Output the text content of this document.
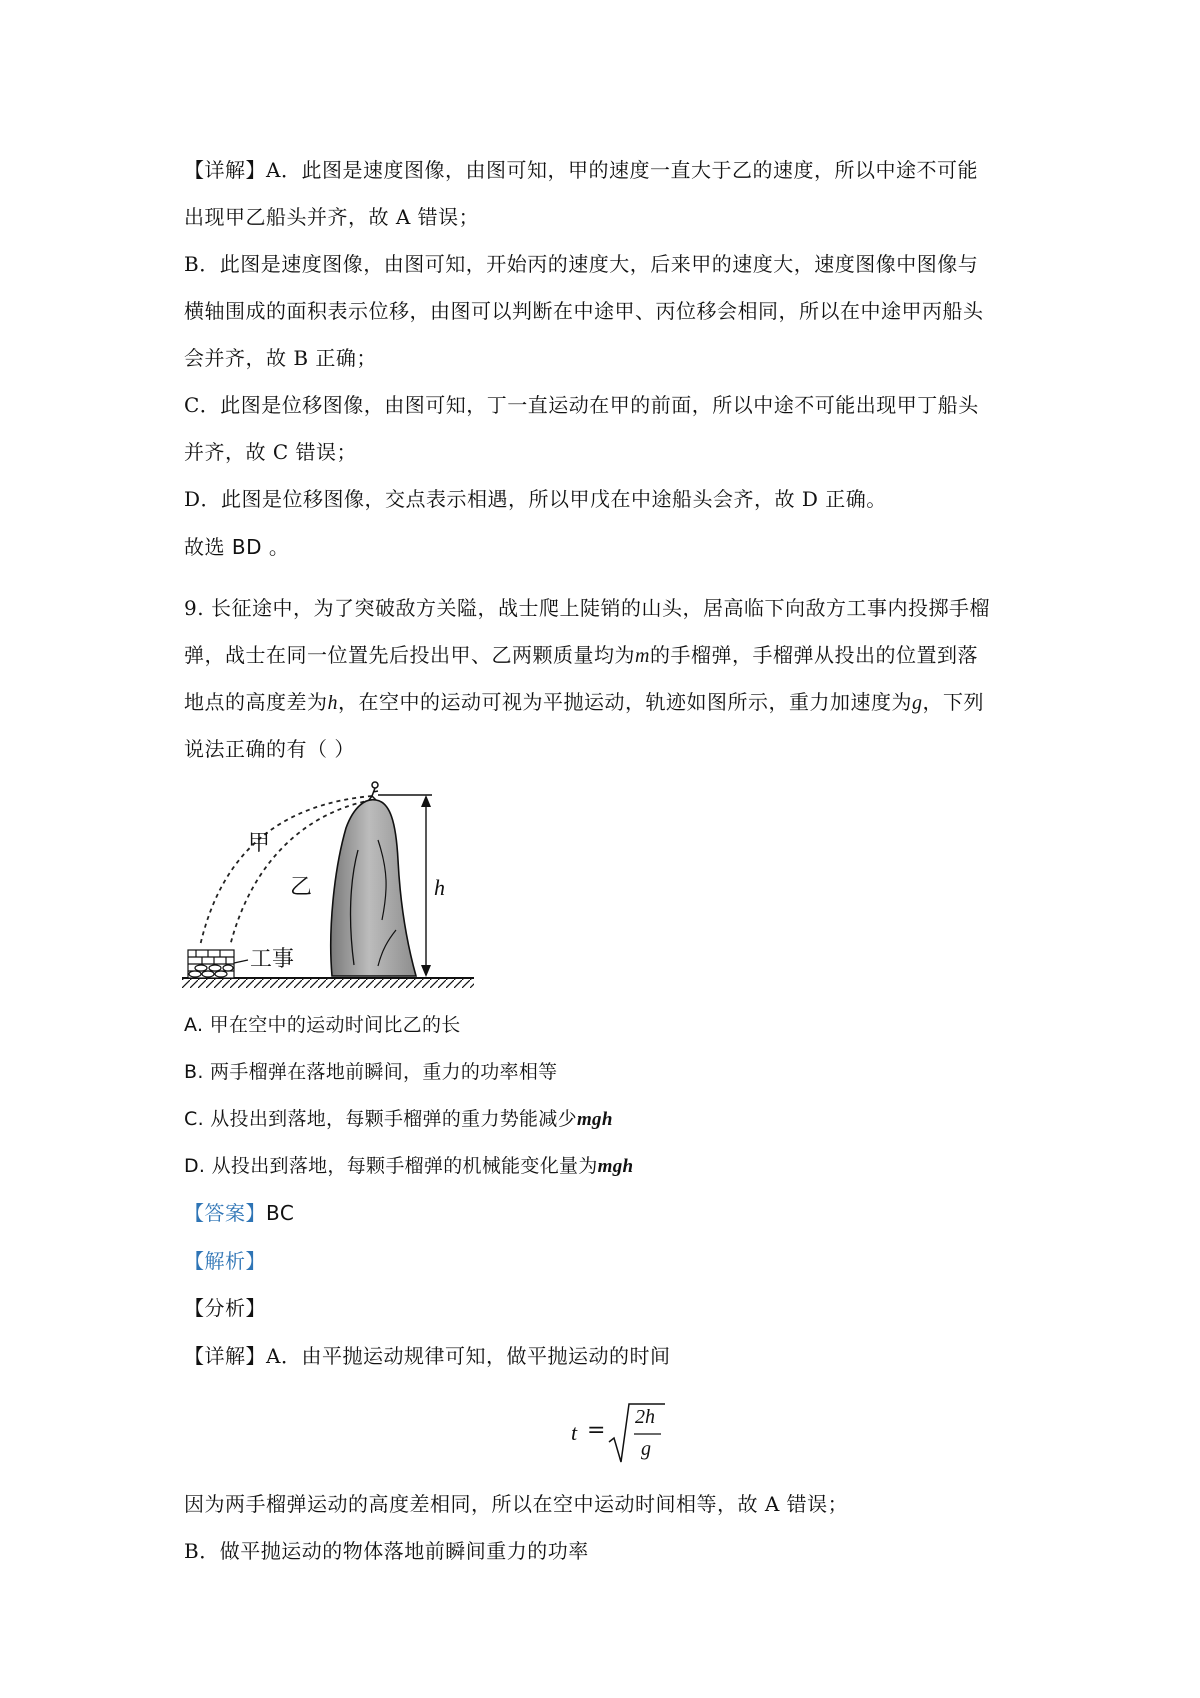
【详解】A．此图是速度图像，由图可知，甲的速度一直大于乙的速度，所以中途不可能
出现甲乙船头并齐，故 A 错误；
B．此图是速度图像，由图可知，开始丙的速度大，后来甲的速度大，速度图像中图像与
横轴围成的面积表示位移，由图可以判断在中途甲、丙位移会相同，所以在中途甲丙船头
会并齐，故 B 正确；
C．此图是位移图像，由图可知，丁一直运动在甲的前面，所以中途不可能出现甲丁船头
并齐，故 C 错误；
D．此图是位移图像，交点表示相遇，所以甲戊在中途船头会齐，故 D 正确。
故选 BD 。
9. 长征途中，为了突破敌方关隘，战士爬上陡销的山头，居高临下向敌方工事内投掷手榴
弹，战士在同一位置先后投出甲、乙两颗质量均为m的手榴弹，手榴弹从投出的位置到落
地点的高度差为h，在空中的运动可视为平抛运动，轨迹如图所示，重力加速度为g，下列
说法正确的有（ ）
甲
乙	h
工事
A. 甲在空中的运动时间比乙的长
B. 两手榴弹在落地前瞬间，重力的功率相等
C. 从投出到落地，每颗手榴弹的重力势能减少mgh
D. 从投出到落地，每颗手榴弹的机械能变化量为mgh
【答案】BC
【解析】
【分析】
【详解】A．由平抛运动规律可知，做平抛运动的时间
t =
2h
g
因为两手榴弹运动的高度差相同，所以在空中运动时间相等，故 A 错误；
B．做平抛运动的物体落地前瞬间重力的功率
